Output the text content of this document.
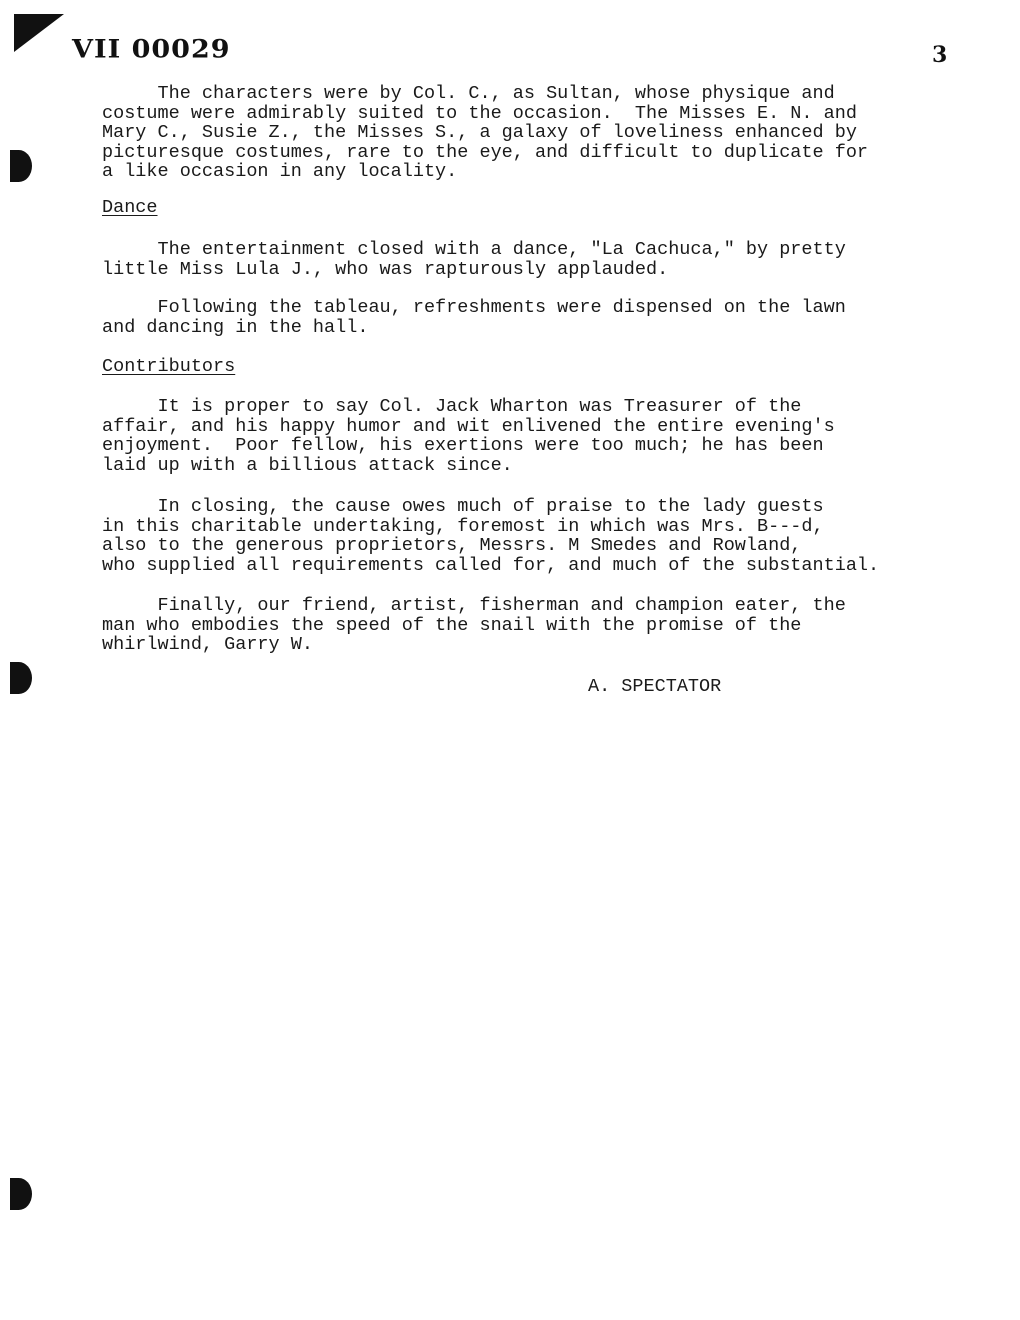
VII 00029	3
The characters were by Col. C., as Sultan, whose physique and
costume were admirably suited to the occasion.  The Misses E. N. and
Mary C., Susie Z., the Misses S., a galaxy of loveliness enhanced by
picturesque costumes, rare to the eye, and difficult to duplicate for
a like occasion in any locality.
Dance
The entertainment closed with a dance, "La Cachuca," by pretty
little Miss Lula J., who was rapturously applauded.
Following the tableau, refreshments were dispensed on the lawn
and dancing in the hall.
Contributors
It is proper to say Col. Jack Wharton was Treasurer of the
affair, and his happy humor and wit enlivened the entire evening's
enjoyment.  Poor fellow, his exertions were too much; he has been
laid up with a billious attack since.
In closing, the cause owes much of praise to the lady guests
in this charitable undertaking, foremost in which was Mrs. B---d,
also to the generous proprietors, Messrs. M Smedes and Rowland,
who supplied all requirements called for, and much of the substantial.
Finally, our friend, artist, fisherman and champion eater, the
man who embodies the speed of the snail with the promise of the
whirlwind, Garry W.
A. SPECTATOR
